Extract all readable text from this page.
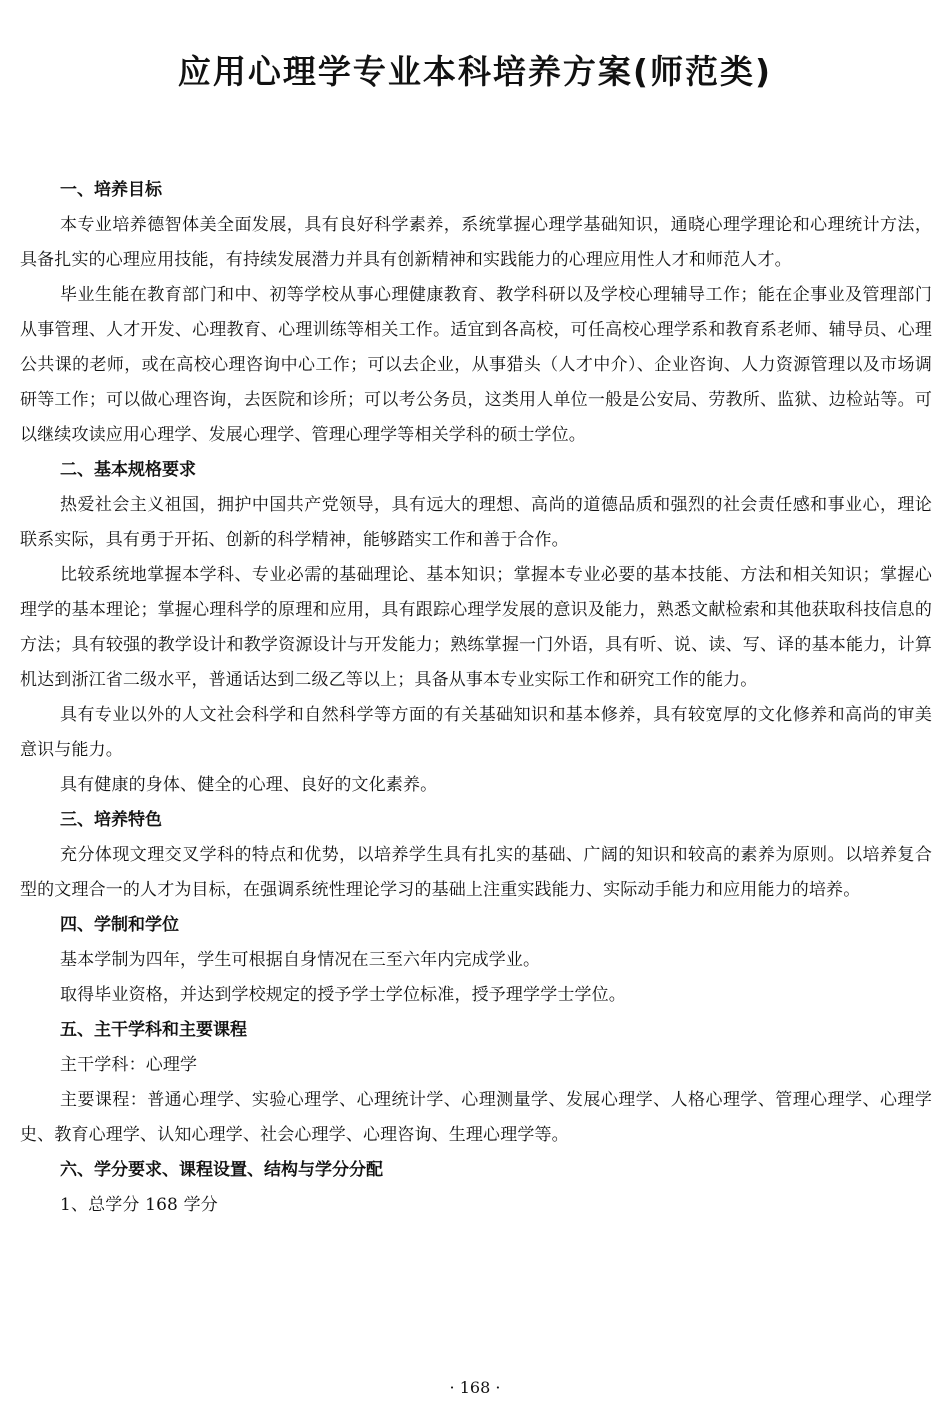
应用心理学专业本科培养方案(师范类)
一、培养目标

本专业培养德智体美全面发展，具有良好科学素养，系统掌握心理学基础知识，通晓心理学理论和心理统计方法，具备扎实的心理应用技能，有持续发展潜力并具有创新精神和实践能力的心理应用性人才和师范人才。

毕业生能在教育部门和中、初等学校从事心理健康教育、教学科研以及学校心理辅导工作；能在企事业及管理部门从事管理、人才开发、心理教育、心理训练等相关工作。适宜到各高校，可任高校心理学系和教育系老师、辅导员、心理公共课的老师，或在高校心理咨询中心工作；可以去企业，从事猎头（人才中介）、企业咨询、人力资源管理以及市场调研等工作；可以做心理咨询，去医院和诊所；可以考公务员，这类用人单位一般是公安局、劳教所、监狱、边检站等。可以继续攻读应用心理学、发展心理学、管理心理学等相关学科的硕士学位。

二、基本规格要求

热爱社会主义祖国，拥护中国共产党领导，具有远大的理想、高尚的道德品质和强烈的社会责任感和事业心，理论联系实际，具有勇于开拓、创新的科学精神，能够踏实工作和善于合作。

比较系统地掌握本学科、专业必需的基础理论、基本知识；掌握本专业必要的基本技能、方法和相关知识；掌握心理学的基本理论；掌握心理科学的原理和应用，具有跟踪心理学发展的意识及能力，熟悉文献检索和其他获取科技信息的方法；具有较强的教学设计和教学资源设计与开发能力；熟练掌握一门外语，具有听、说、读、写、译的基本能力，计算机达到浙江省二级水平，普通话达到二级乙等以上；具备从事本专业实际工作和研究工作的能力。

具有专业以外的人文社会科学和自然科学等方面的有关基础知识和基本修养，具有较宽厚的文化修养和高尚的审美意识与能力。

具有健康的身体、健全的心理、良好的文化素养。

三、培养特色

充分体现文理交叉学科的特点和优势，以培养学生具有扎实的基础、广阔的知识和较高的素养为原则。以培养复合型的文理合一的人才为目标，在强调系统性理论学习的基础上注重实践能力、实际动手能力和应用能力的培养。

四、学制和学位

基本学制为四年，学生可根据自身情况在三至六年内完成学业。

取得毕业资格，并达到学校规定的授予学士学位标准，授予理学学士学位。

五、主干学科和主要课程

主干学科：心理学

主要课程：普通心理学、实验心理学、心理统计学、心理测量学、发展心理学、人格心理学、管理心理学、心理学史、教育心理学、认知心理学、社会心理学、心理咨询、生理心理学等。

六、学分要求、课程设置、结构与学分分配

1、总学分 168 学分

· 168 ·
